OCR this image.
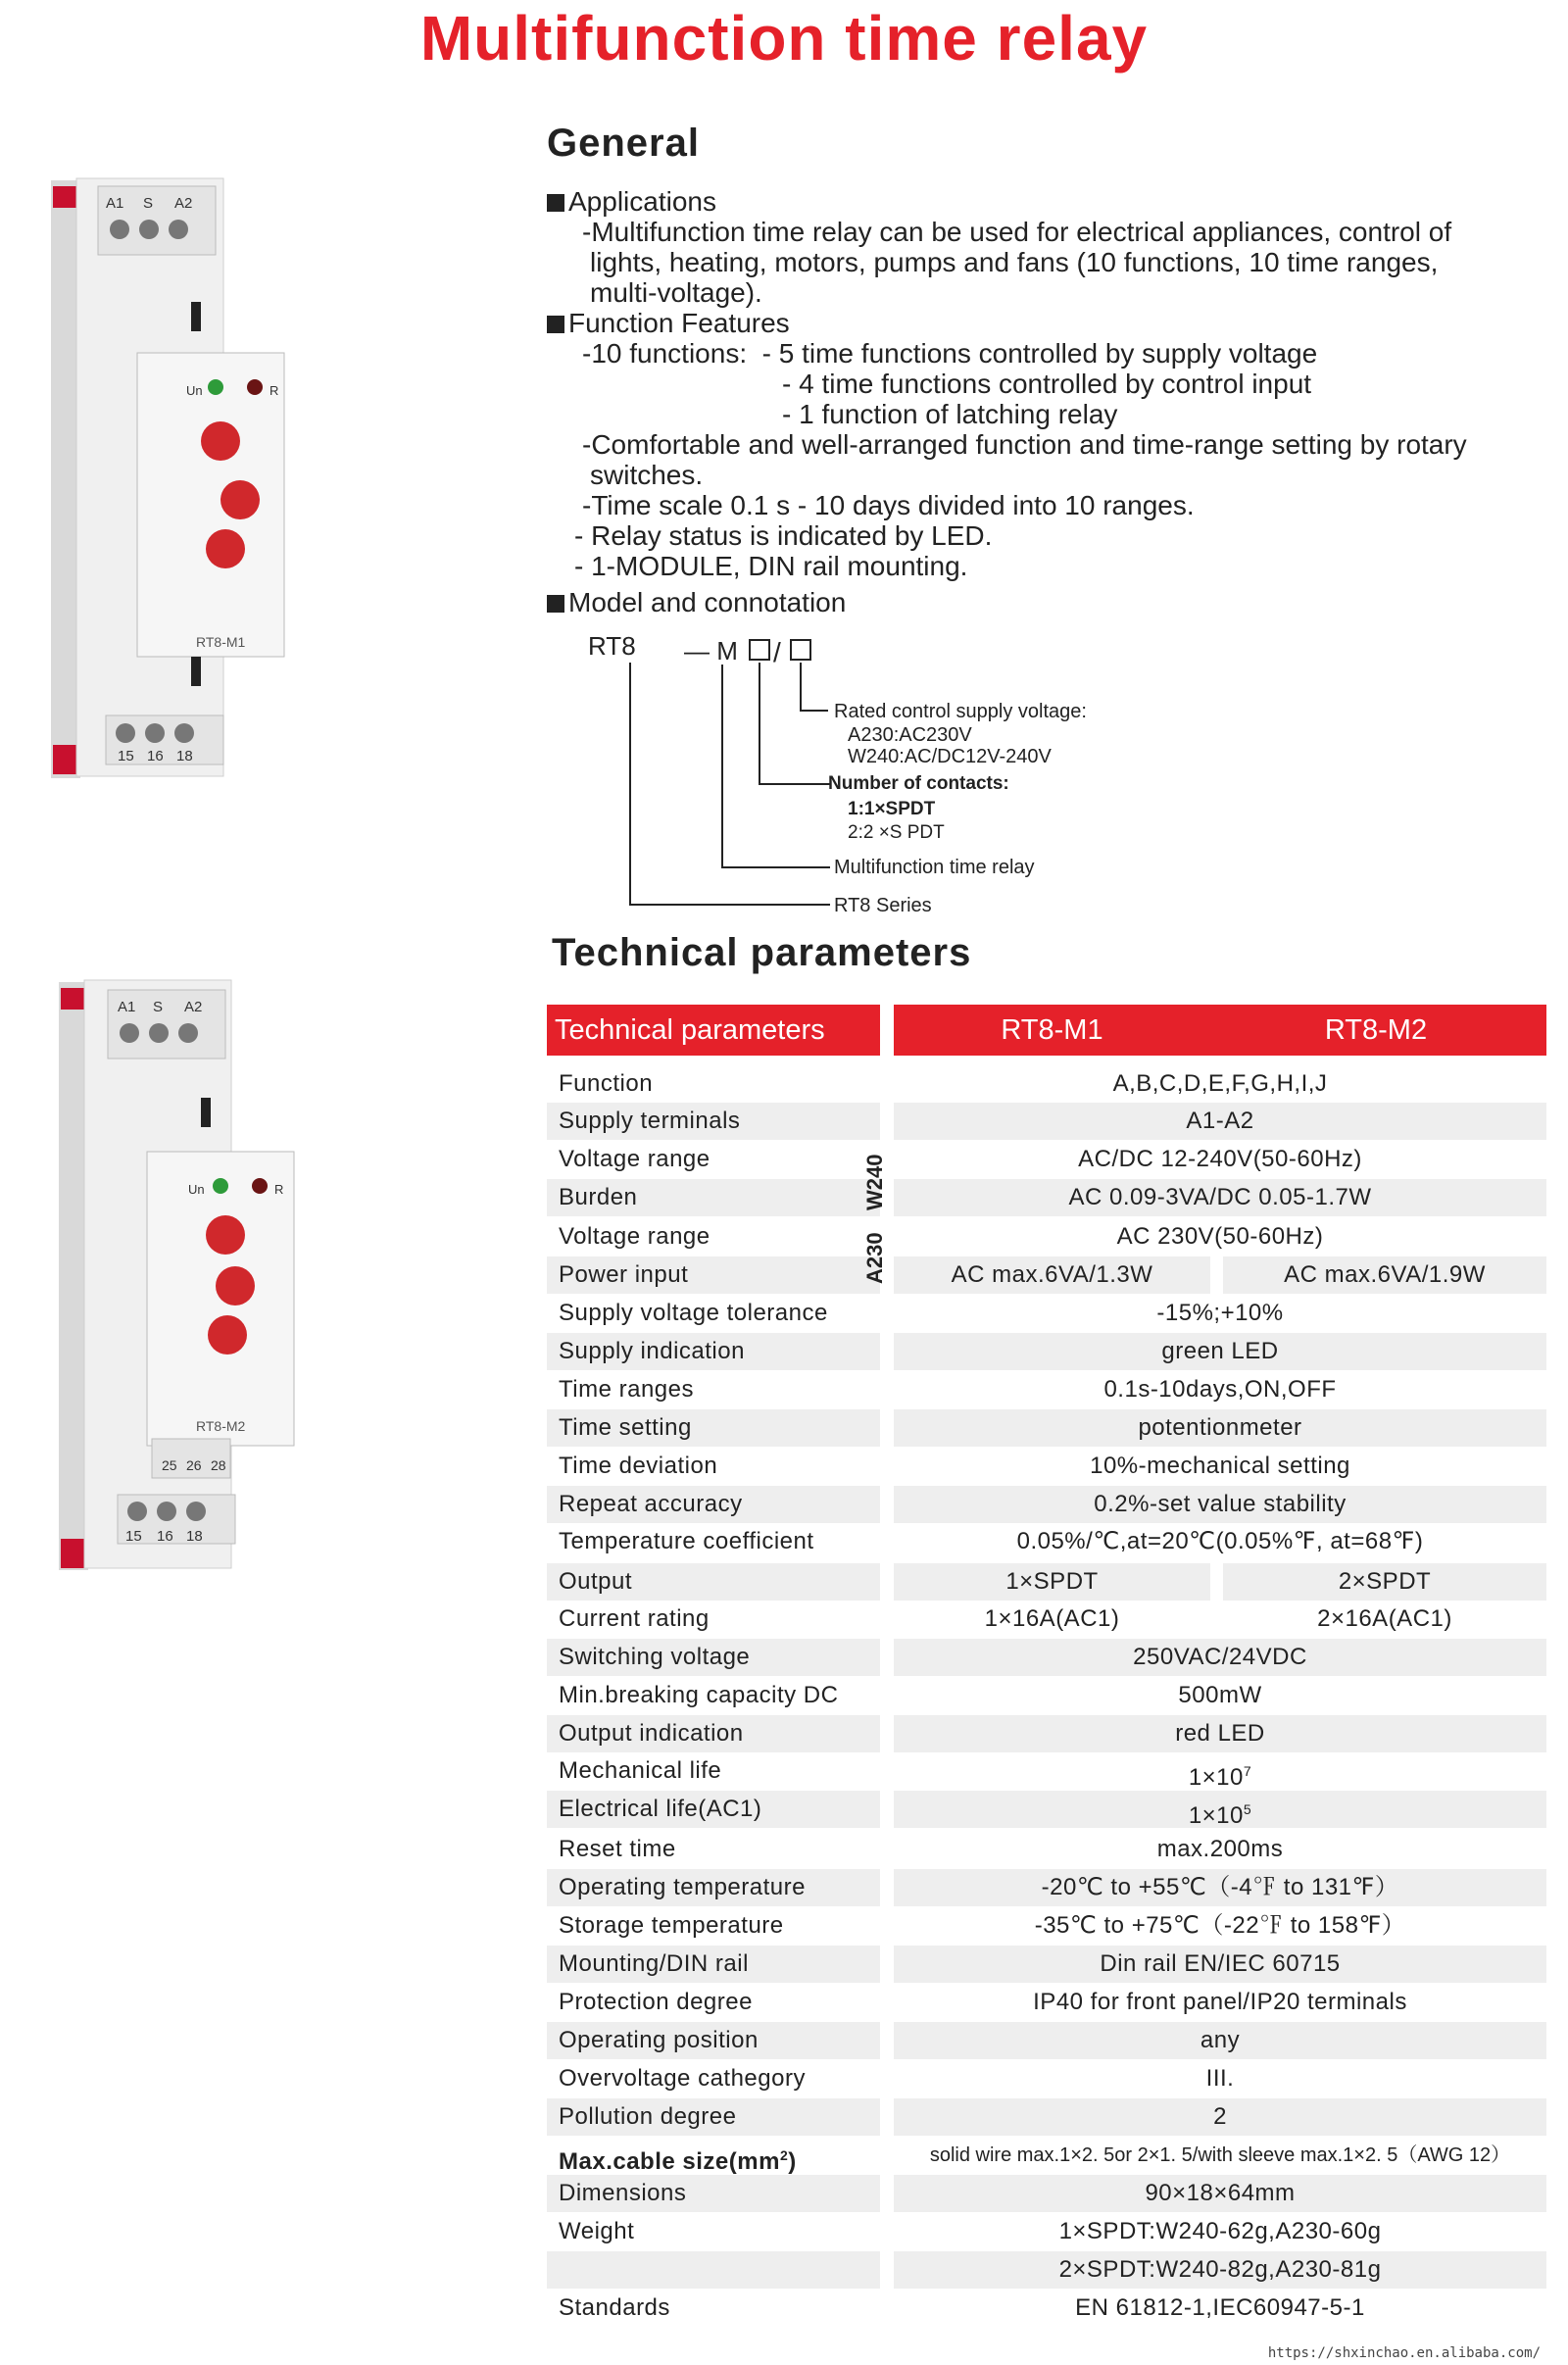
Multifunction time relay
A1 S A2
Un	R
RT8-M1
15 16 18
A1 S A2
Un	R
RT8-M2
25 26 28
15 16 18
General
Applications
-Multifunction time relay can be used for electrical appliances, control of
lights, heating, motors, pumps and fans (10 functions, 10 time ranges,
multi-voltage).
Function Features
-10 functions:  - 5 time functions controlled by supply voltage
- 4 time functions controlled by control input
- 1 function of latching relay
-Comfortable and well-arranged function and time-range setting by rotary
switches.
-Time scale 0.1 s - 10 days divided into 10 ranges.
- Relay status is indicated by LED.
- 1-MODULE, DIN rail mounting.
Model and connotation
RT8 — M /
Rated control supply voltage:
A230:AC230V
W240:AC/DC12V-240V
Number of contacts:
1:1×SPDT
2:2 ×S PDT
Multifunction time relay
RT8 Series
Technical parameters
Technical parameters	RT8-M1	RT8-M2
Function	A,B,C,D,E,F,G,H,I,J
Supply terminals	A1-A2
Voltage range	AC/DC 12-240V(50-60Hz)
Burden	AC 0.09-3VA/DC 0.05-1.7W
Voltage range	AC 230V(50-60Hz)
Power input	AC max.6VA/1.3W	AC max.6VA/1.9W
Supply voltage tolerance	-15%;+10%
Supply indication	green LED
Time ranges	0.1s-10days,ON,OFF
Time setting	potentionmeter
Time deviation	10%-mechanical setting
Repeat accuracy	0.2%-set value stability
Temperature coefficient	0.05%/℃,at=20℃(0.05%℉, at=68℉)
Output	1×SPDT	2×SPDT
Current rating	1×16A(AC1)	2×16A(AC1)
Switching voltage	250VAC/24VDC
Min.breaking capacity DC	500mW
Output indication	red LED
Mechanical life	$1\times 10^7$
Electrical life(AC1)	$1\times 10^5$
Reset time	max.200ms
Operating temperature	-20℃ to +55℃（-4℉ to 131℉）
Storage temperature	-35℃ to +75℃（-22℉ to 158℉）
Mounting/DIN rail	Din rail EN/IEC 60715
Protection degree	IP40 for front panel/IP20 terminals
Operating position	any
Overvoltage cathegory	III.
Pollution degree	2
Max.cable $size(mm^2)$	solid wire max.1×2. 5or 2×1. 5/with sleeve max.1×2. 5（AWG 12）
Dimensions	90×18×64mm
Weight	1×SPDT:W240-62g,A230-60g
2×SPDT:W240-82g,A230-81g
Standards	EN 61812-1,IEC60947-5-1
W240
A230
https://shxinchao.en.alibaba.com/
